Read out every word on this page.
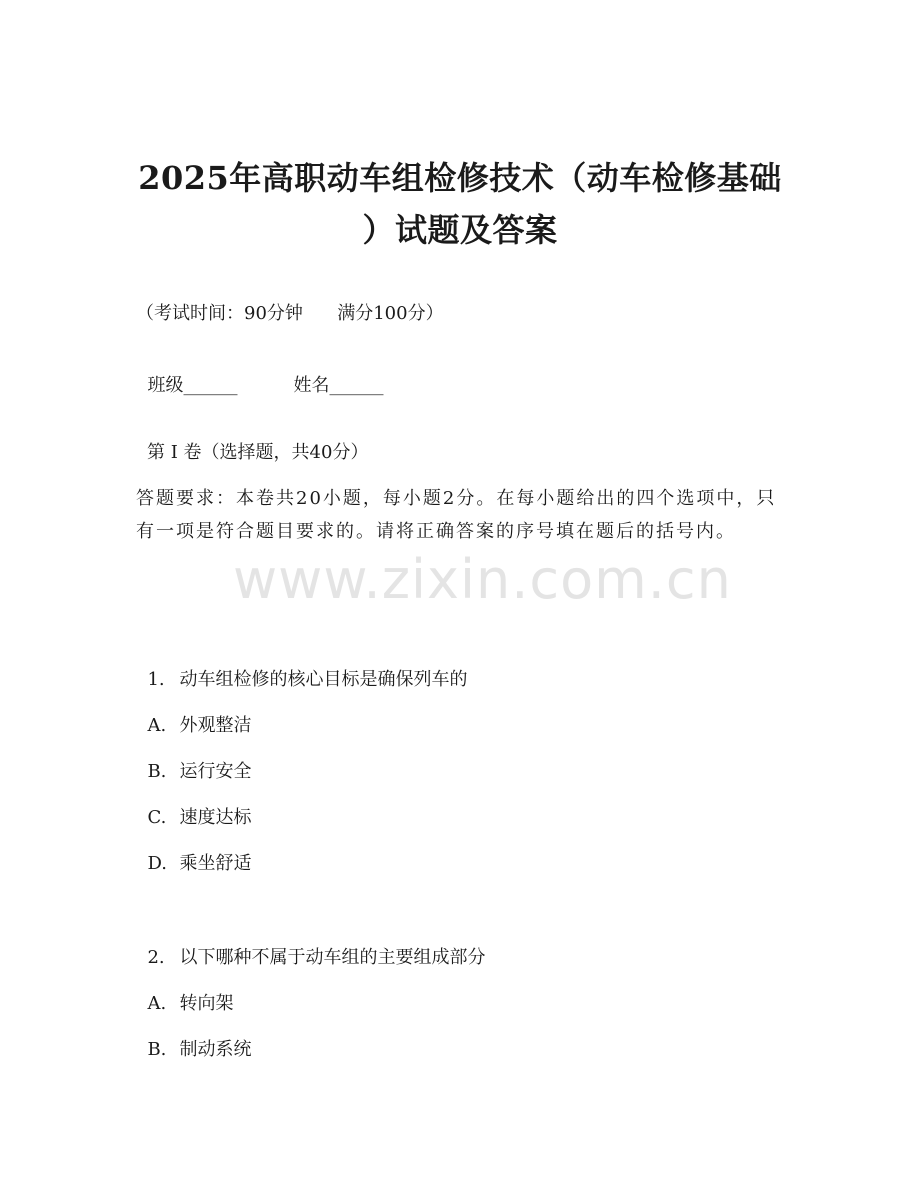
2025年高职动车组检修技术（动车检修基础
）试题及答案
（考试时间：90分钟      满分100分）

班级______	姓名______

第 I 卷（选择题，共40分）
答题要求：本卷共20小题，每小题2分。在每小题给出的四个选项中，只有一项是符合题目要求的。请将正确答案的序号填在题后的括号内。
www.zixin.com.cn

1. 动车组检修的核心目标是确保列车的

A. 外观整洁

B. 运行安全

C. 速度达标

D. 乘坐舒适

2. 以下哪种不属于动车组的主要组成部分

A. 转向架

B. 制动系统
